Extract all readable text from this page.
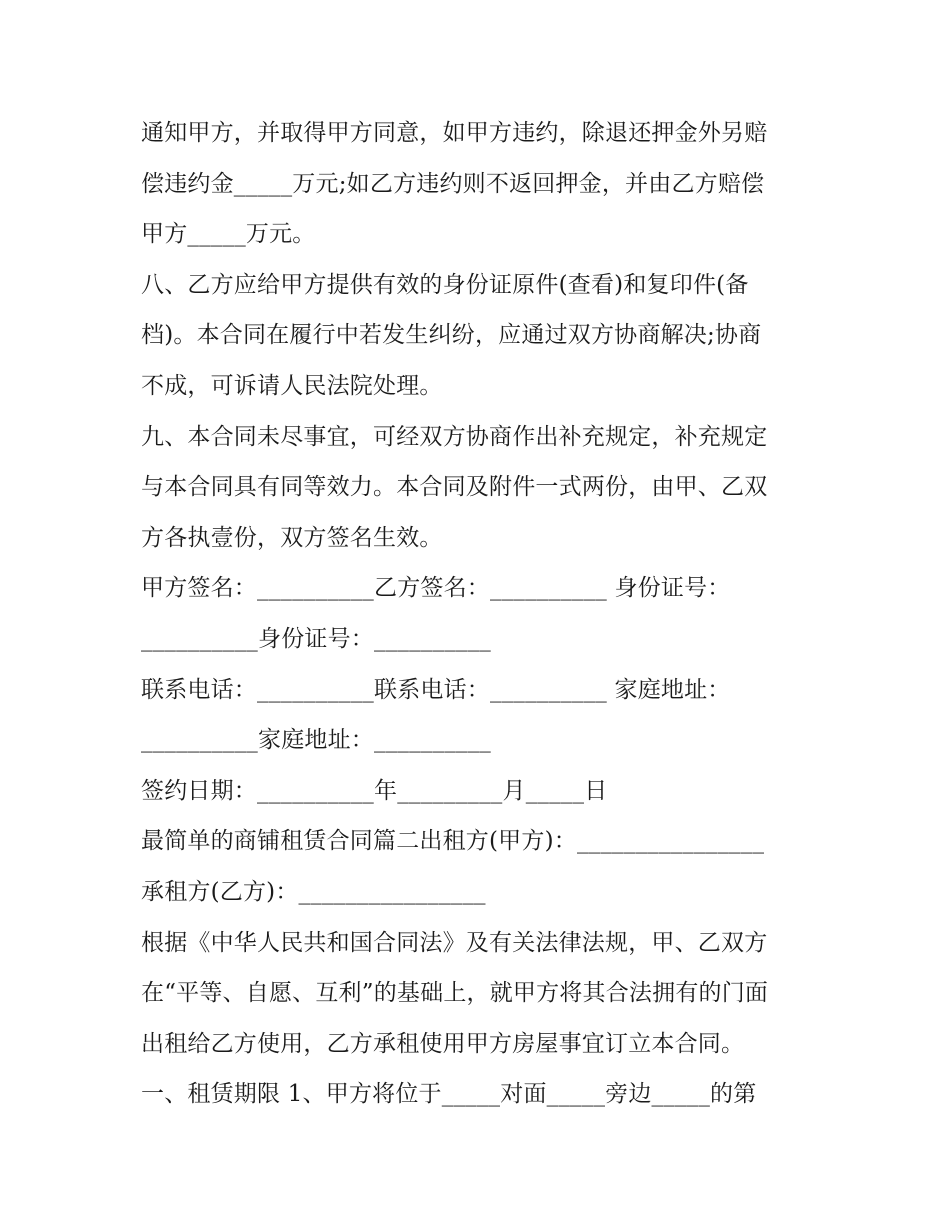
通知甲方，并取得甲方同意，如甲方违约，除退还押金外另赔
偿违约金_____万元;如乙方违约则不返回押金，并由乙方赔偿
甲方_____万元。
八、乙方应给甲方提供有效的身份证原件(查看)和复印件(备
档)。本合同在履行中若发生纠纷，应通过双方协商解决;协商
不成，可诉请人民法院处理。
九、本合同未尽事宜，可经双方协商作出补充规定，补充规定
与本合同具有同等效力。本合同及附件一式两份，由甲、乙双
方各执壹份，双方签名生效。
甲方签名：__________乙方签名：__________ 身份证号：
__________身份证号：__________
联系电话：__________联系电话：__________ 家庭地址：
__________家庭地址：__________
签约日期：__________年_________月_____日
最简单的商铺租赁合同篇二出租方(甲方)：________________
承租方(乙方)：________________
根据《中华人民共和国合同法》及有关法律法规，甲、乙双方
在“平等、自愿、互利”的基础上，就甲方将其合法拥有的门面
出租给乙方使用，乙方承租使用甲方房屋事宜订立本合同。
一、租赁期限 1、甲方将位于_____对面_____旁边_____的第
